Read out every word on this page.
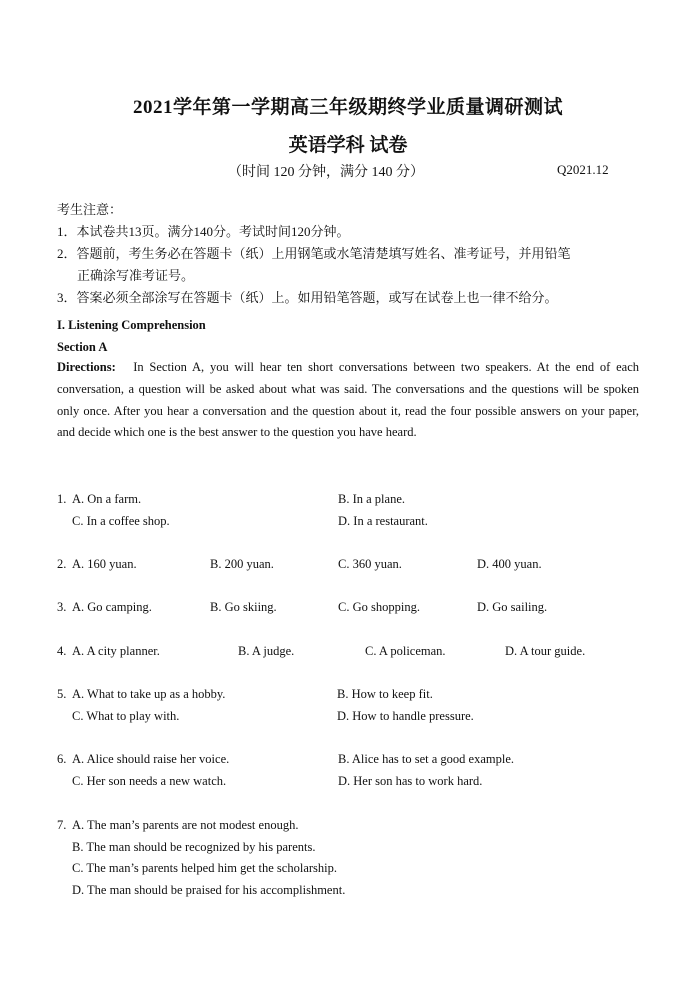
2021学年第一学期高三年级期终学业质量调研测试
英语学科 试卷
（时间 120 分钟，满分 140 分）	Q2021.12
考生注意：
1．本试卷共13页。满分140分。考试时间120分钟。
2．答题前，考生务必在答题卡（纸）上用钢笔或水笔清楚填写姓名、准考证号，并用铅笔
正确涂写准考证号。
3．答案必须全部涂写在答题卡（纸）上。如用铅笔答题，或写在试卷上也一律不给分。
I. Listening Comprehension
Section A
Directions: In Section A, you will hear ten short conversations between two speakers. At the end of each conversation, a question will be asked about what was said. The conversations and the questions will be spoken only once. After you hear a conversation and the question about it, read the four possible answers on your paper, and decide which one is the best answer to the question you have heard.
1. A. On a farm.	B. In a plane.
C. In a coffee shop.	D. In a restaurant.
2. A. 160 yuan.	B. 200 yuan.	C. 360 yuan.	D. 400 yuan.
3. A. Go camping.	B. Go skiing.	C. Go shopping.	D. Go sailing.
4. A. A city planner.	B. A judge.	C. A policeman.	D. A tour guide.
5. A. What to take up as a hobby.	B. How to keep fit.
C. What to play with.	D. How to handle pressure.
6. A. Alice should raise her voice.	B. Alice has to set a good example.
C. Her son needs a new watch.	D. Her son has to work hard.
7. A. The man’s parents are not modest enough.
B. The man should be recognized by his parents.
C. The man’s parents helped him get the scholarship.
D. The man should be praised for his accomplishment.
